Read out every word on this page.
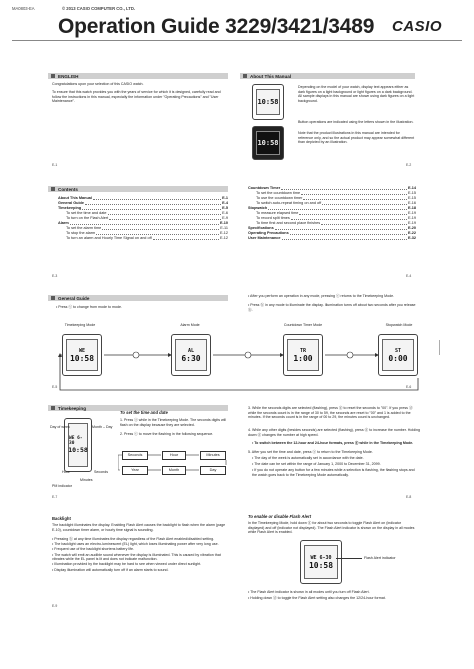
MA0803-EA	© 2013 CASIO COMPUTER CO., LTD.
Operation Guide 3229/3421/3489 CASIO
ENGLISH
Congratulations upon your selection of this CASIO watch.
To ensure that this watch provides you with the years of service for which it is designed, carefully read and follow the instructions in this manual, especially the information under "Operating Precautions" and "User Maintenance".
E-1
About This Manual
10:58
10:58
Depending on the model of your watch, display text appears either as dark figures on a light background or light figures on a dark background. All sample displays in this manual are shown using dark figures on a light background.
Button operations are indicated using the letters shown in the illustration.
Note that the product illustrations in this manual are intended for reference only, and so the actual product may appear somewhat different than depicted by an illustration.
E-2
Contents
About This Manual	E-1
General Guide	E-4
Timekeeping	E-5
To set the time and date	E-6
To turn on the Flash Alert	E-9
Alarm	E-10
To set the alarm time	E-11
To stop the alarm	E-12
To turn an alarm and Hourly Time Signal on and off	E-12
Countdown Timer	E-14
To set the countdown time	E-15
To use the countdown timer	E-15
To switch auto-repeat timing on and off	E-16
Stopwatch	E-18
To measure elapsed time	E-19
To record split times	E-19
To time first and second place finishes	E-19
Specifications	E-20
Operating Precautions	E-22
User Maintenance	E-32
E-3	E-4
General Guide
• Press ⓒ to change from mode to mode.
• After you perform an operation in any mode, pressing ⓒ returns to the Timekeeping Mode.
• Press ⓑ in any mode to illuminate the display. Illumination turns off about two seconds after you release ⓑ.
Timekeeping Mode	Alarm Mode	Countdown Timer Mode	Stopwatch Mode
WE
10:58
AL
6:30
TR
1:00
ST
0:00
E-5	E-6
Timekeeping
WE 6-30
10:58
Day of week	Month – Day
PM indicator
Hour
Minutes
Seconds
To set the time and date
1. Press ⓐ while in the Timekeeping Mode. The seconds digits will flash on the display because they are selected.
2. Press ⓒ to move the flashing in the following sequence.
Seconds	Hour	Minutes
Day
Month
Year
3. While the seconds digits are selected (flashing), press ⓓ to reset the seconds to "00". If you press ⓓ while the seconds count is in the range of 30 to 59, the seconds are reset to "00" and 1 is added to the minutes. If the seconds count is in the range of 00 to 29, the minutes count is unchanged.
4. While any other digits (besides seconds) are selected (flashing), press ⓓ to increase the number. Holding down ⓓ changes the number at high speed.
• To switch between the 12-hour and 24-hour formats, press ⓓ while in the Timekeeping Mode.
5. After you set the time and date, press ⓐ to return to the Timekeeping Mode.
• The day of the week is automatically set in accordance with the date.
• The date can be set within the range of January 1, 2000 to December 31, 2099.
• If you do not operate any button for a few minutes while a selection is flashing, the flashing stops and the watch goes back to the Timekeeping Mode automatically.
E-7	E-8
Backlight
The backlight illuminates the display. Enabling Flash Alert causes the backlight to flash when the alarm (page E-10), countdown timer alarm, or hourly time signal is sounding.
• Pressing ⓑ at any time illuminates the display regardless of the Flash Alert enabled/disabled setting.
• The backlight uses an electro-luminescent (EL) light, which loses illuminating power after very long use.
• Frequent use of the backlight shortens battery life.
• The watch will emit an audible sound whenever the display is illuminated. This is caused by vibration that vibrates while the EL panel is lit and does not indicate malfunction.
• Illumination provided by the backlight may be hard to see when viewed under direct sunlight.
• Display illumination will automatically turn off if an alarm starts to sound.
To enable or disable Flash Alert
In the Timekeeping Mode, hold down ⓓ for about two seconds to toggle Flash Alert on (indicator displayed) and off (indicator not displayed). The Flash Alert indicator is shown on the display in all modes while Flash Alert is enabled.
WE 6-30
10:58
Flash Alert indicator
• The Flash Alert indicator is shown in all modes until you turn off Flash Alert.
• Holding down ⓓ to toggle the Flash Alert setting also changes the 12/24-hour format.
E-9
